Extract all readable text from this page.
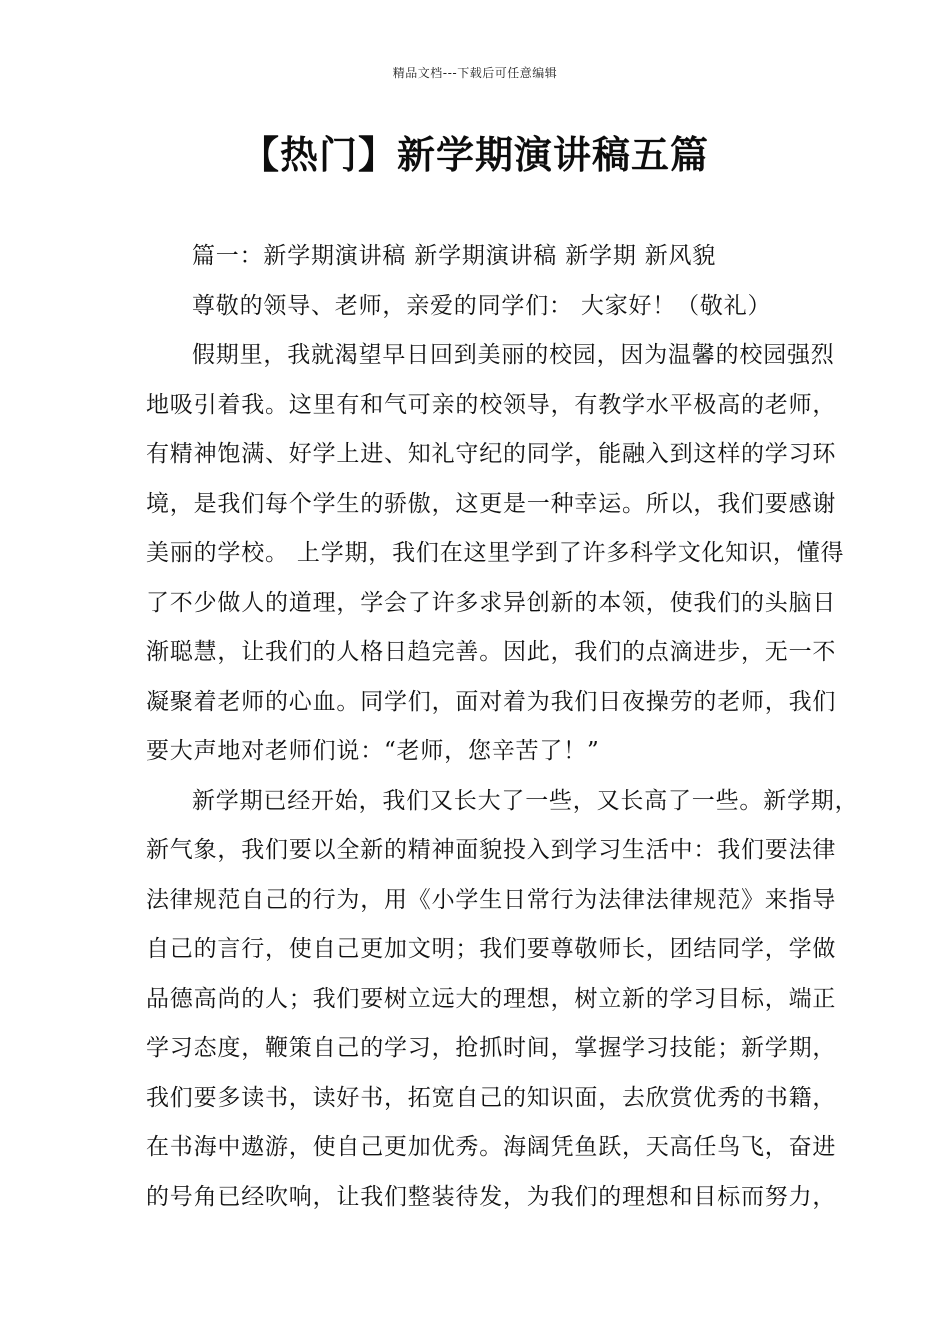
精品文档---下载后可任意编辑
【热门】新学期演讲稿五篇
篇一：新学期演讲稿 新学期演讲稿 新学期 新风貌
尊敬的领导、老师，亲爱的同学们： 大家好！（敬礼）
假期里，我就渴望早日回到美丽的校园，因为温馨的校园强烈
地吸引着我。这里有和气可亲的校领导，有教学水平极高的老师，
有精神饱满、好学上进、知礼守纪的同学，能融入到这样的学习环
境，是我们每个学生的骄傲，这更是一种幸运。所以，我们要感谢
美丽的学校。 上学期，我们在这里学到了许多科学文化知识，懂得
了不少做人的道理，学会了许多求异创新的本领，使我们的头脑日
渐聪慧，让我们的人格日趋完善。因此，我们的点滴进步，无一不
凝聚着老师的心血。同学们，面对着为我们日夜操劳的老师，我们
要大声地对老师们说：“老师，您辛苦了！”
新学期已经开始，我们又长大了一些，又长高了一些。新学期，
新气象，我们要以全新的精神面貌投入到学习生活中：我们要法律
法律规范自己的行为，用《小学生日常行为法律法律规范》来指导
自己的言行，使自己更加文明；我们要尊敬师长，团结同学，学做
品德高尚的人；我们要树立远大的理想，树立新的学习目标，端正
学习态度，鞭策自己的学习，抢抓时间，掌握学习技能；新学期，
我们要多读书，读好书，拓宽自己的知识面，去欣赏优秀的书籍，
在书海中遨游，使自己更加优秀。海阔凭鱼跃，天高任鸟飞，奋进
的号角已经吹响，让我们整装待发，为我们的理想和目标而努力，
